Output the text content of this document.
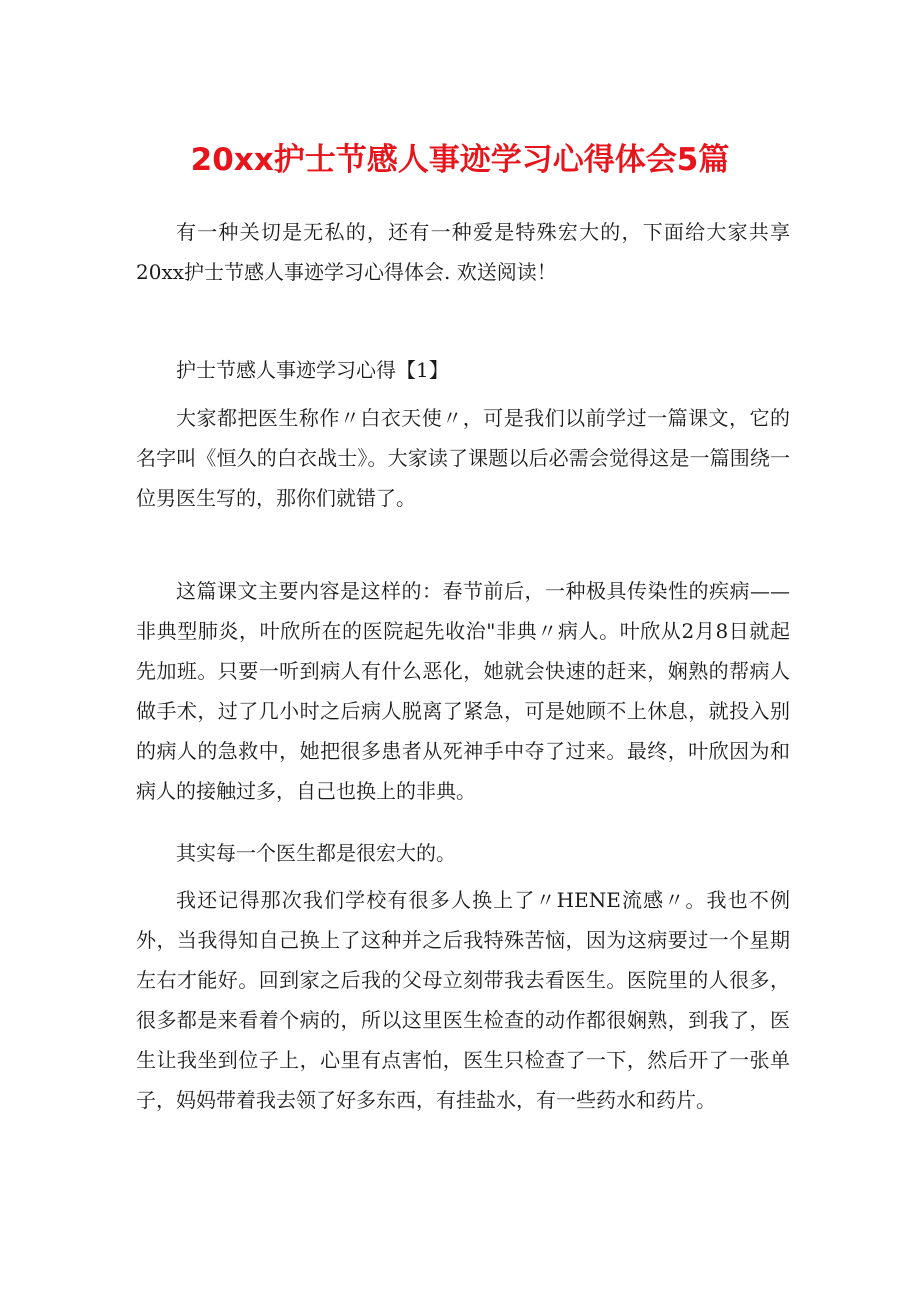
20xx护士节感人事迹学习心得体会5篇

有一种关切是无私的，还有一种爱是特殊宏大的，下面给大家共享20xx护士节感人事迹学习心得体会. 欢送阅读！

护士节感人事迹学习心得【1】

大家都把医生称作〃白衣天使〃，可是我们以前学过一篇课文，它的名字叫《恒久的白衣战士》。大家读了课题以后必需会觉得这是一篇围绕一位男医生写的，那你们就错了。

这篇课文主要内容是这样的：春节前后，一种极具传染性的疾病——非典型肺炎，叶欣所在的医院起先收治"非典〃病人。叶欣从2月8日就起先加班。只要一听到病人有什么恶化，她就会快速的赶来，娴熟的帮病人做手术，过了几小时之后病人脱离了紧急，可是她顾不上休息，就投入别的病人的急救中，她把很多患者从死神手中夺了过来。最终，叶欣因为和病人的接触过多，自己也换上的非典。

其实每一个医生都是很宏大的。

我还记得那次我们学校有很多人换上了〃HENE流感〃。我也不例外，当我得知自己换上了这种并之后我特殊苦恼，因为这病要过一个星期左右才能好。回到家之后我的父母立刻带我去看医生。医院里的人很多，很多都是来看着个病的，所以这里医生检查的动作都很娴熟，到我了，医生让我坐到位子上，心里有点害怕，医生只检查了一下，然后开了一张单子，妈妈带着我去领了好多东西，有挂盐水，有一些药水和药片。
